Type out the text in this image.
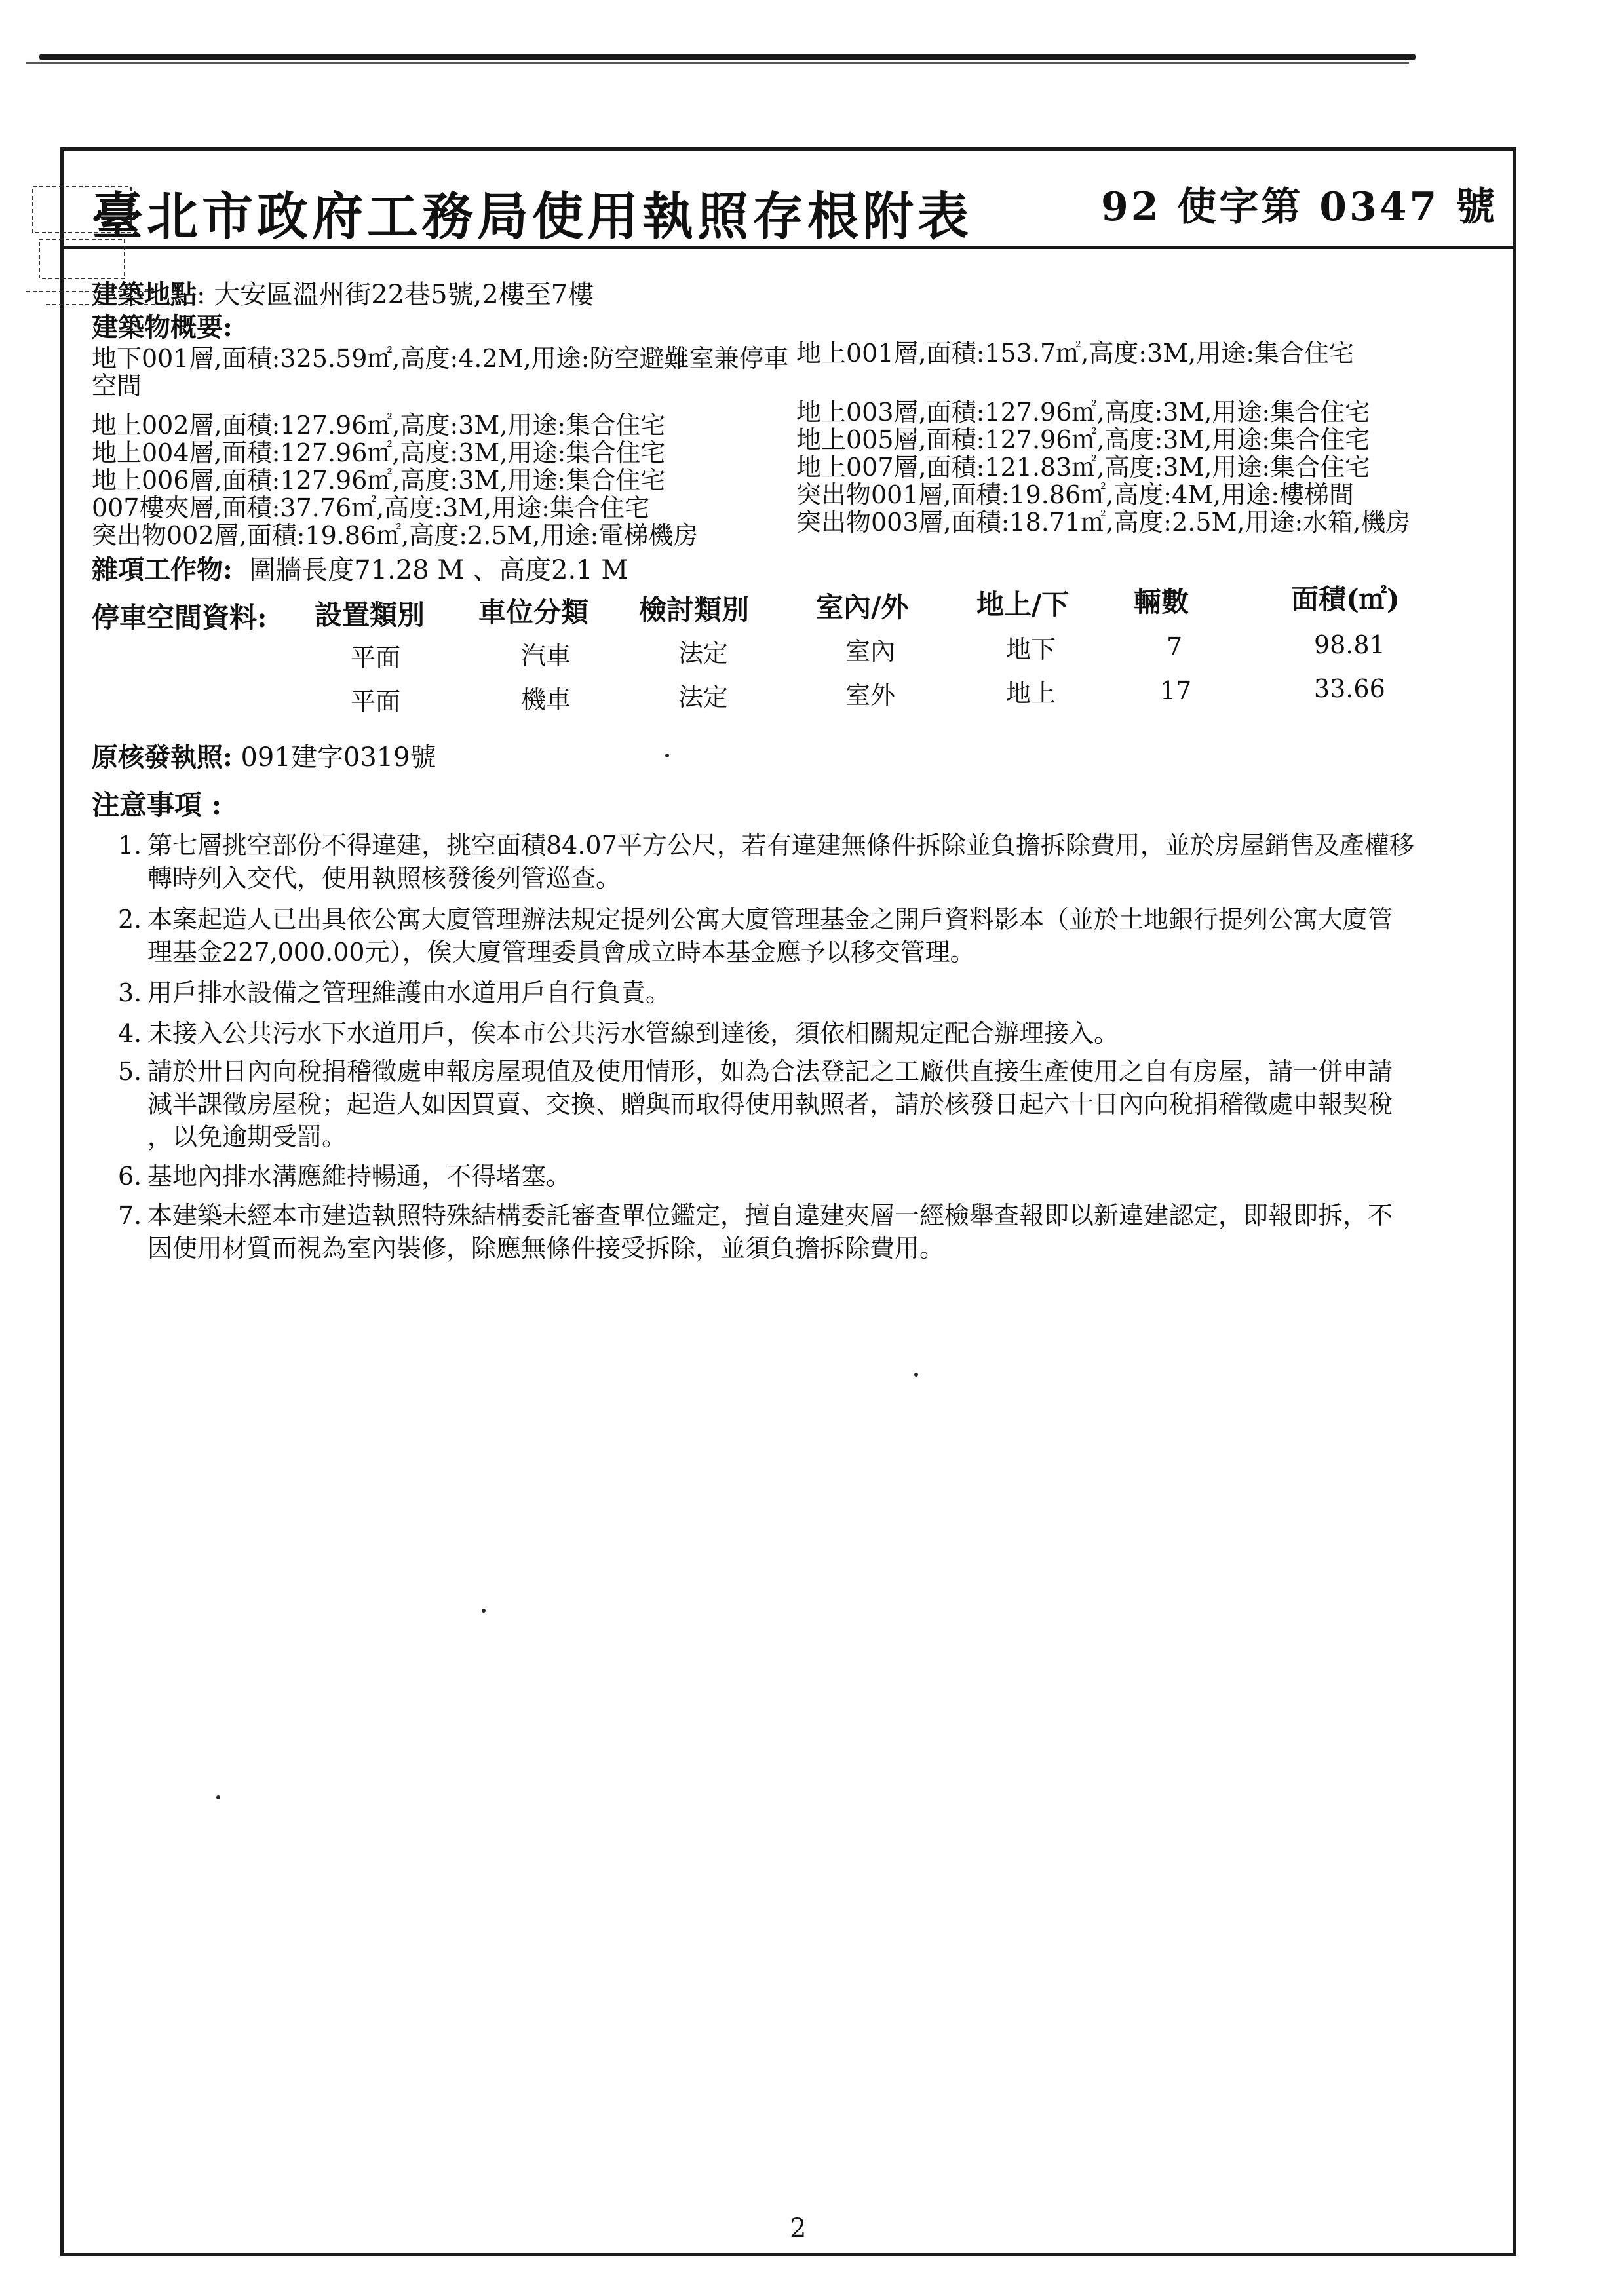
臺北市政府工務局使用執照存根附表	92 使字第 0347 號
建築地點: 大安區溫州街22巷5號,2樓至7樓
建築物概要:
地下001層,面積:325.59㎡,高度:4.2M,用途:防空避難室兼停車
空間
地上001層,面積:153.7㎡,高度:3M,用途:集合住宅
地上002層,面積:127.96㎡,高度:3M,用途:集合住宅	地上003層,面積:127.96㎡,高度:3M,用途:集合住宅
地上004層,面積:127.96㎡,高度:3M,用途:集合住宅	地上005層,面積:127.96㎡,高度:3M,用途:集合住宅
地上006層,面積:127.96㎡,高度:3M,用途:集合住宅	地上007層,面積:121.83㎡,高度:3M,用途:集合住宅
007樓夾層,面積:37.76㎡,高度:3M,用途:集合住宅	突出物001層,面積:19.86㎡,高度:4M,用途:樓梯間
突出物002層,面積:19.86㎡,高度:2.5M,用途:電梯機房	突出物003層,面積:18.71㎡,高度:2.5M,用途:水箱,機房
雜項工作物: 圍牆長度71.28 M 、高度2.1 M
停車空間資料: 設置類別 車位分類 檢討類別 室內/外 地上/下 輛數	面積(㎡)
平面	汽車	法定	室內	地下	7	98.81
平面	機車	法定	室外	地上	17	33.66
原核發執照: 091建字0319號
注意事項 :
1. 第七層挑空部份不得違建，挑空面積84.07平方公尺，若有違建無條件拆除並負擔拆除費用，並於房屋銷售及產權移
轉時列入交代，使用執照核發後列管巡查。
2. 本案起造人已出具依公寓大廈管理辦法規定提列公寓大廈管理基金之開戶資料影本（並於土地銀行提列公寓大廈管
理基金227,000.00元），俟大廈管理委員會成立時本基金應予以移交管理。
3. 用戶排水設備之管理維護由水道用戶自行負責。
4. 未接入公共污水下水道用戶，俟本市公共污水管線到達後，須依相關規定配合辦理接入。
5. 請於卅日內向稅捐稽徵處申報房屋現值及使用情形，如為合法登記之工廠供直接生產使用之自有房屋，請一併申請
減半課徵房屋稅；起造人如因買賣、交換、贈與而取得使用執照者，請於核發日起六十日內向稅捐稽徵處申報契稅
，以免逾期受罰。
6. 基地內排水溝應維持暢通，不得堵塞。
7. 本建築未經本市建造執照特殊結構委託審查單位鑑定，擅自違建夾層一經檢舉查報即以新違建認定，即報即拆，不
因使用材質而視為室內裝修，除應無條件接受拆除，並須負擔拆除費用。
2
